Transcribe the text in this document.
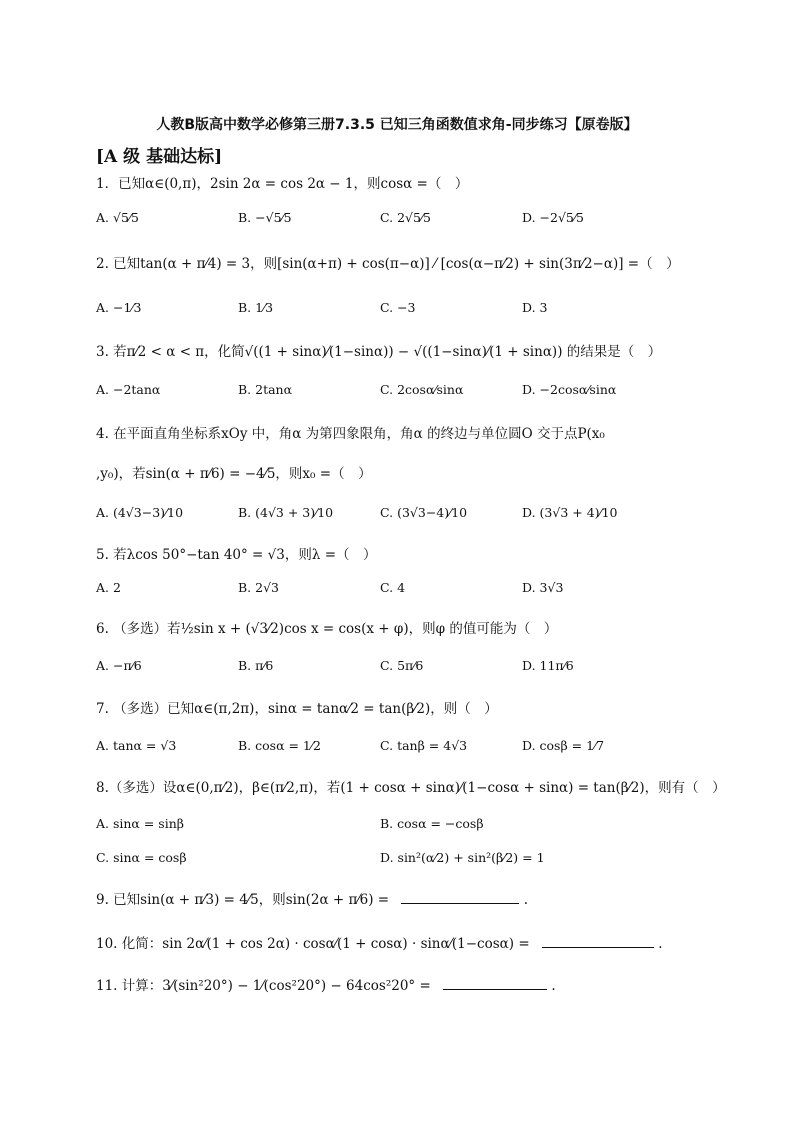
人教B版高中数学必修第三册7.3.5 已知三角函数值求角-同步练习【原卷版】
[A 级 基础达标]
1．已知α∈(0,π)，2sin 2α = cos 2α − 1，则cosα =（　）
A. √5⁄5	B. −√5⁄5	C. 2√5⁄5	D. −2√5⁄5
2. 已知tan(α + π⁄4) = 3，则[sin(α+π) + cos(π−α)] ⁄ [cos(α−π⁄2) + sin(3π⁄2−α)] =（　）
A. −1⁄3	B. 1⁄3	C. −3	D. 3
3. 若π⁄2 < α < π，化简√((1 + sinα)⁄(1−sinα)) − √((1−sinα)⁄(1 + sinα)) 的结果是（　）
A. −2tanα	B. 2tanα	C. 2cosα⁄sinα	D. −2cosα⁄sinα
4. 在平面直角坐标系xOy 中，角α 为第四象限角，角α 的终边与单位圆O 交于点P(x₀
,y₀)，若sin(α + π⁄6) = −4⁄5，则x₀ =（　）
A. (4√3−3)⁄10	B. (4√3 + 3)⁄10	C. (3√3−4)⁄10	D. (3√3 + 4)⁄10
5. 若λcos 50°−tan 40° = √3，则λ =（　）
A. 2	B. 2√3	C. 4	D. 3√3
6. （多选）若½sin x + (√3⁄2)cos x = cos(x + φ)，则φ 的值可能为（　）
A. −π⁄6	B. π⁄6	C. 5π⁄6	D. 11π⁄6
7. （多选）已知α∈(π,2π)，sinα = tanα⁄2 = tan(β⁄2)，则（　）
A. tanα = √3	B. cosα = 1⁄2	C. tanβ = 4√3	D. cosβ = 1⁄7
8.（多选）设α∈(0,π⁄2)，β∈(π⁄2,π)，若(1 + cosα + sinα)⁄(1−cosα + sinα) = tan(β⁄2)，则有（　）
A. sinα = sinβ	B. cosα = −cosβ
C. sinα = cosβ	D. sin²(α⁄2) + sin²(β⁄2) = 1
9. 已知sin(α + π⁄3) = 4⁄5，则sin(2α + π⁄6) =	.
10. 化简：sin 2α⁄(1 + cos 2α) · cosα⁄(1 + cosα) · sinα⁄(1−cosα) =	.
11. 计算：3⁄(sin²20°) − 1⁄(cos²20°) − 64cos²20° =	.
